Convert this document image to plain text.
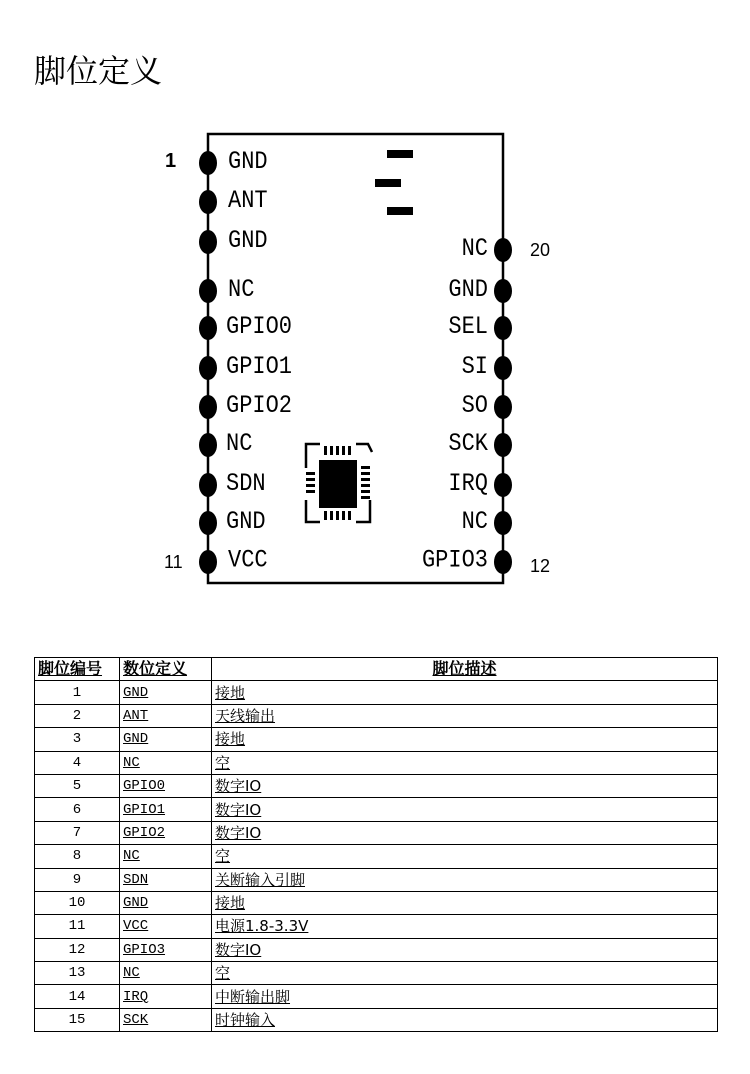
脚位定义
GND
ANT
GND
NC
GPIO0
GPIO1
GPIO2
NC
SDN
GND
VCC
NC
GND
SEL
SI
SO
SCK
IRQ
NC
GPIO3
1
11
20
12
脚位编号	数位定义	脚位描述
1	GND	接地
2	ANT	天线输出
3	GND	接地
4	NC	空
5	GPIO0	数字IO
6	GPIO1	数字IO
7	GPIO2	数字IO
8	NC	空
9	SDN	关断输入引脚
10	GND	接地
11	VCC	电源1.8-3.3V
12	GPIO3	数字IO
13	NC	空
14	IRQ	中断输出脚
15	SCK	时钟输入
